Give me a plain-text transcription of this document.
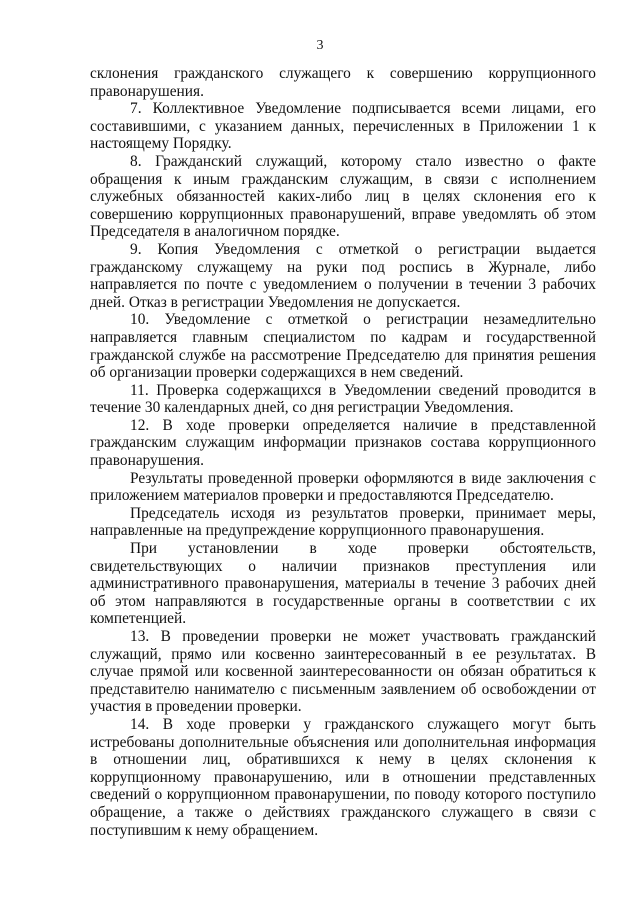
3

склонения гражданского служащего к совершению коррупционного правонарушения.

7. Коллективное Уведомление подписывается всеми лицами, его составившими, с указанием данных, перечисленных в Приложении 1 к настоящему Порядку.

8. Гражданский служащий, которому стало известно о факте обращения к иным гражданским служащим, в связи с исполнением служебных обязанностей каких-либо лиц в целях склонения его к совершению коррупционных правонарушений, вправе уведомлять об этом Председателя в аналогичном порядке.

9. Копия Уведомления с отметкой о регистрации выдается гражданскому служащему на руки под роспись в Журнале, либо направляется по почте с уведомлением о получении в течении 3 рабочих дней. Отказ в регистрации Уведомления не допускается.

10. Уведомление с отметкой о регистрации незамедлительно направляется главным специалистом по кадрам и государственной гражданской службе на рассмотрение Председателю для принятия решения об организации проверки содержащихся в нем сведений.

11. Проверка содержащихся в Уведомлении сведений проводится в течение 30 календарных дней, со дня регистрации Уведомления.

12. В ходе проверки определяется наличие в представленной гражданским служащим информации признаков состава коррупционного правонарушения.

Результаты проведенной проверки оформляются в виде заключения с приложением материалов проверки и предоставляются Председателю.

Председатель исходя из результатов проверки, принимает меры, направленные на предупреждение коррупционного правонарушения.

При установлении в ходе проверки обстоятельств, свидетельствующих о наличии признаков преступления или административного правонарушения, материалы в течение 3 рабочих дней об этом направляются в государственные органы в соответствии с их компетенцией.

13. В проведении проверки не может участвовать гражданский служащий, прямо или косвенно заинтересованный в ее результатах. В случае прямой или косвенной заинтересованности он обязан обратиться к представителю нанимателю с письменным заявлением об освобождении от участия в проведении проверки.

14. В ходе проверки у гражданского служащего могут быть истребованы дополнительные объяснения или дополнительная информация в отношении лиц, обратившихся к нему в целях склонения к коррупционному правонарушению, или в отношении представленных сведений о коррупционном правонарушении, по поводу которого поступило обращение, а также о действиях гражданского служащего в связи с поступившим к нему обращением.
